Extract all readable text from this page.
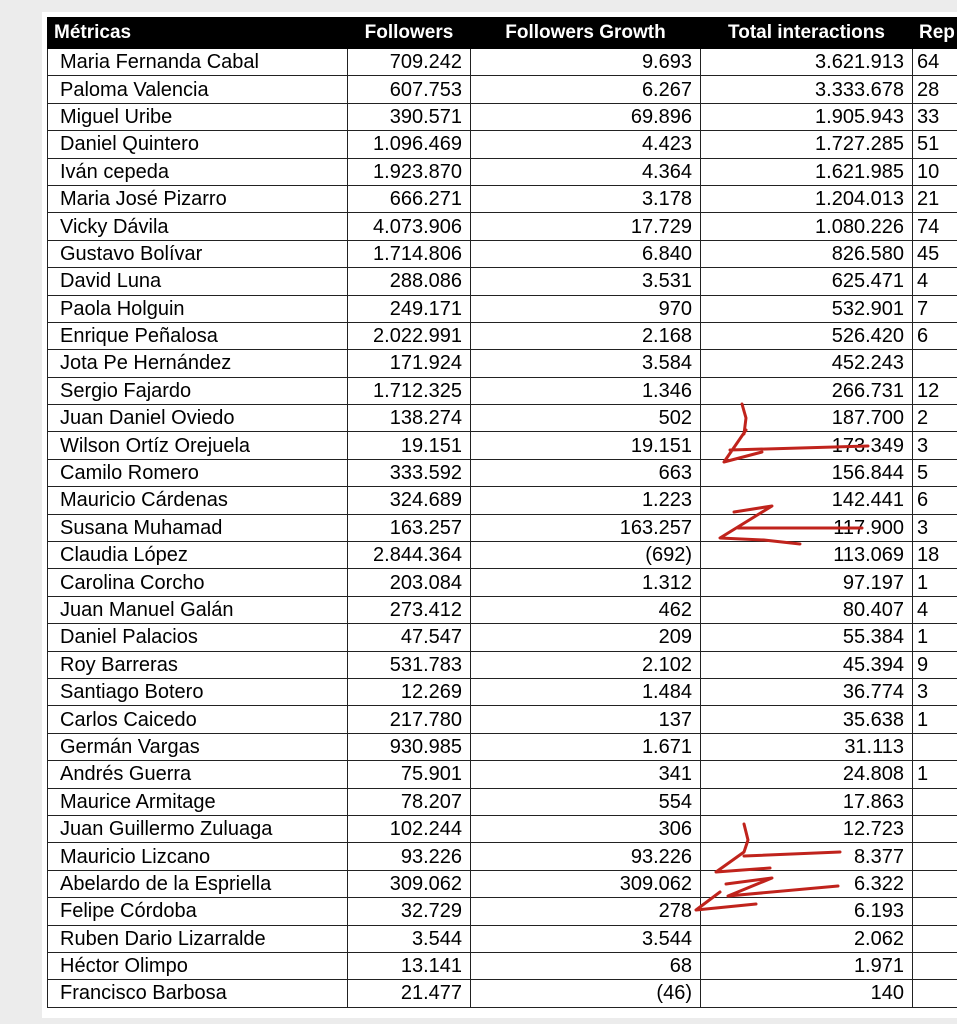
Métricas	Followers	Followers Growth	Total interactions	Rep
Maria Fernanda Cabal	709.242	9.693	3.621.913	64
Paloma Valencia	607.753	6.267	3.333.678	28
Miguel Uribe	390.571	69.896	1.905.943	33
Daniel Quintero	1.096.469	4.423	1.727.285	51
Iván cepeda	1.923.870	4.364	1.621.985	10
Maria José Pizarro	666.271	3.178	1.204.013	21
Vicky Dávila	4.073.906	17.729	1.080.226	74
Gustavo Bolívar	1.714.806	6.840	826.580	45
David Luna	288.086	3.531	625.471	4
Paola Holguin	249.171	970	532.901	7
Enrique Peñalosa	2.022.991	2.168	526.420	6
Jota Pe Hernández	171.924	3.584	452.243	
Sergio Fajardo	1.712.325	1.346	266.731	12
Juan Daniel Oviedo	138.274	502	187.700	2
Wilson Ortíz Orejuela	19.151	19.151	173.349	3
Camilo Romero	333.592	663	156.844	5
Mauricio Cárdenas	324.689	1.223	142.441	6
Susana Muhamad	163.257	163.257	117.900	3
Claudia López	2.844.364	(692)	113.069	18
Carolina Corcho	203.084	1.312	97.197	1
Juan Manuel Galán	273.412	462	80.407	4
Daniel Palacios	47.547	209	55.384	1
Roy Barreras	531.783	2.102	45.394	9
Santiago Botero	12.269	1.484	36.774	3
Carlos Caicedo	217.780	137	35.638	1
Germán Vargas	930.985	1.671	31.113	
Andrés Guerra	75.901	341	24.808	1
Maurice Armitage	78.207	554	17.863	
Juan Guillermo Zuluaga	102.244	306	12.723	
Mauricio Lizcano	93.226	93.226	8.377	
Abelardo de la Espriella	309.062	309.062	6.322	
Felipe Córdoba	32.729	278	6.193	
Ruben Dario Lizarralde	3.544	3.544	2.062	
Héctor Olimpo	13.141	68	1.971	
Francisco Barbosa	21.477	(46)	140	
